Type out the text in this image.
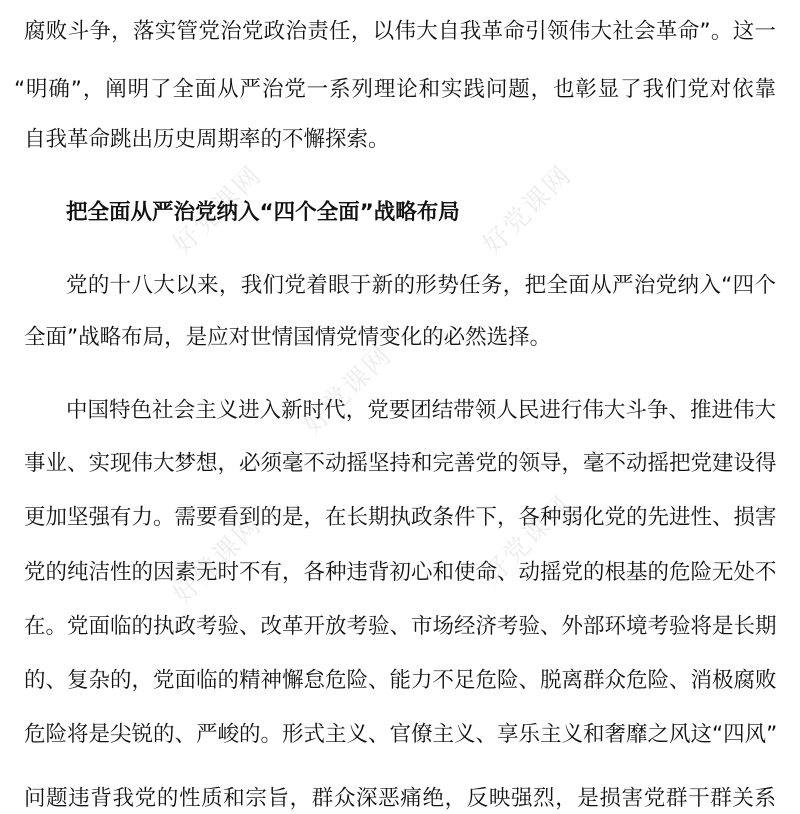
好党课网
好党课网
好党课网
好党课网	好党课网
腐败斗争，落实管党治党政治责任，以伟大自我革命引领伟大社会革命”。这一
“明确”，阐明了全面从严治党一系列理论和实践问题，也彰显了我们党对依靠
自我革命跳出历史周期率的不懈探索。
把全面从严治党纳入“四个全面”战略布局
党的十八大以来，我们党着眼于新的形势任务，把全面从严治党纳入“四个
全面”战略布局，是应对世情国情党情变化的必然选择。
中国特色社会主义进入新时代，党要团结带领人民进行伟大斗争、推进伟大
事业、实现伟大梦想，必须毫不动摇坚持和完善党的领导，毫不动摇把党建设得
更加坚强有力。需要看到的是，在长期执政条件下，各种弱化党的先进性、损害
党的纯洁性的因素无时不有，各种违背初心和使命、动摇党的根基的危险无处不
在。党面临的执政考验、改革开放考验、市场经济考验、外部环境考验将是长期
的、复杂的，党面临的精神懈怠危险、能力不足危险、脱离群众危险、消极腐败
危险将是尖锐的、严峻的。形式主义、官僚主义、享乐主义和奢靡之风这“四风”
问题违背我党的性质和宗旨，群众深恶痛绝，反映强烈，是损害党群干群关系
